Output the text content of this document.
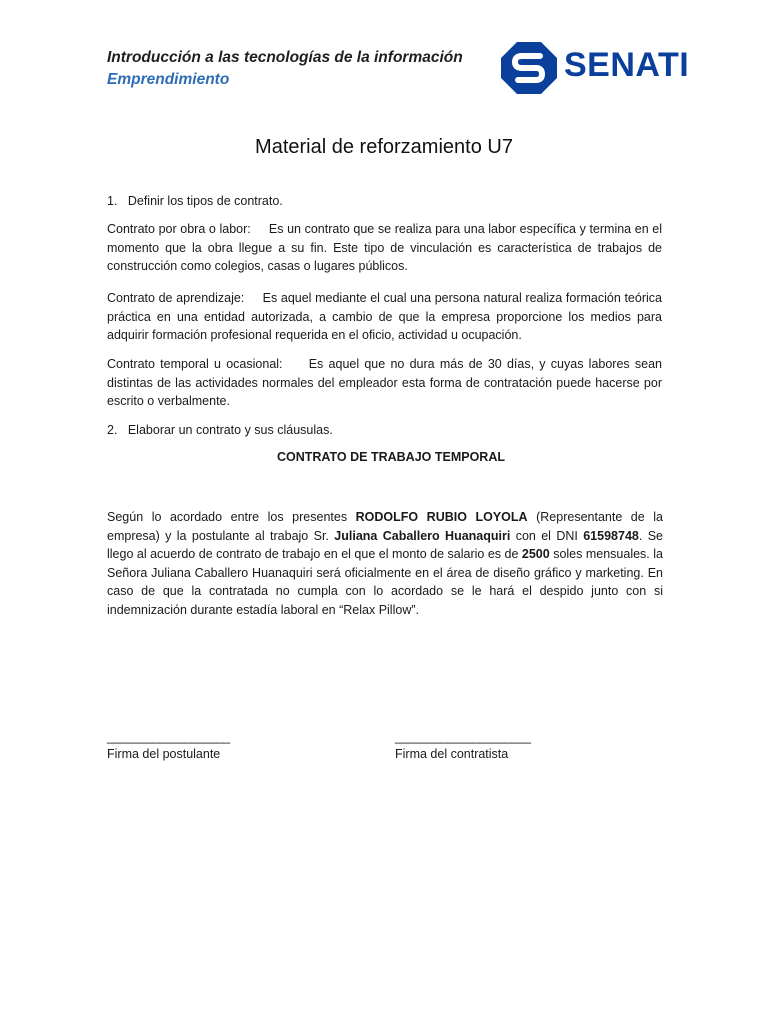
Introducción a las tecnologías de la información
Emprendimiento	SENATI
Material de reforzamiento U7
1.   Definir los tipos de contrato.
Contrato por obra o labor: Es un contrato que se realiza para una labor específica y termina en el momento que la obra llegue a su fin. Este tipo de vinculación es característica de trabajos de construcción como colegios, casas o lugares públicos.
Contrato de aprendizaje: Es aquel mediante el cual una persona natural realiza formación teórica práctica en una entidad autorizada, a cambio de que la empresa proporcione los medios para adquirir formación profesional requerida en el oficio, actividad u ocupación.
Contrato temporal u ocasional: Es aquel que no dura más de 30 días, y cuyas labores sean distintas de las actividades normales del empleador esta forma de contratación puede hacerse por escrito o verbalmente.
2.   Elaborar un contrato y sus cláusulas.
CONTRATO DE TRABAJO TEMPORAL
Según lo acordado entre los presentes RODOLFO RUBIO LOYOLA (Representante de la empresa) y la postulante al trabajo Sr. Juliana Caballero Huanaquiri con el DNI 61598748. Se llego al acuerdo de contrato de trabajo en el que el monto de salario es de 2500 soles mensuales. la Señora Juliana Caballero Huanaquiri será oficialmente en el área de diseño gráfico y marketing. En caso de que la contratada no cumpla con lo acordado se le hará el despido junto con si indemnización durante estadía laboral en “Relax Pillow”.
___________________	_____________________
Firma del postulante	Firma del contratista
